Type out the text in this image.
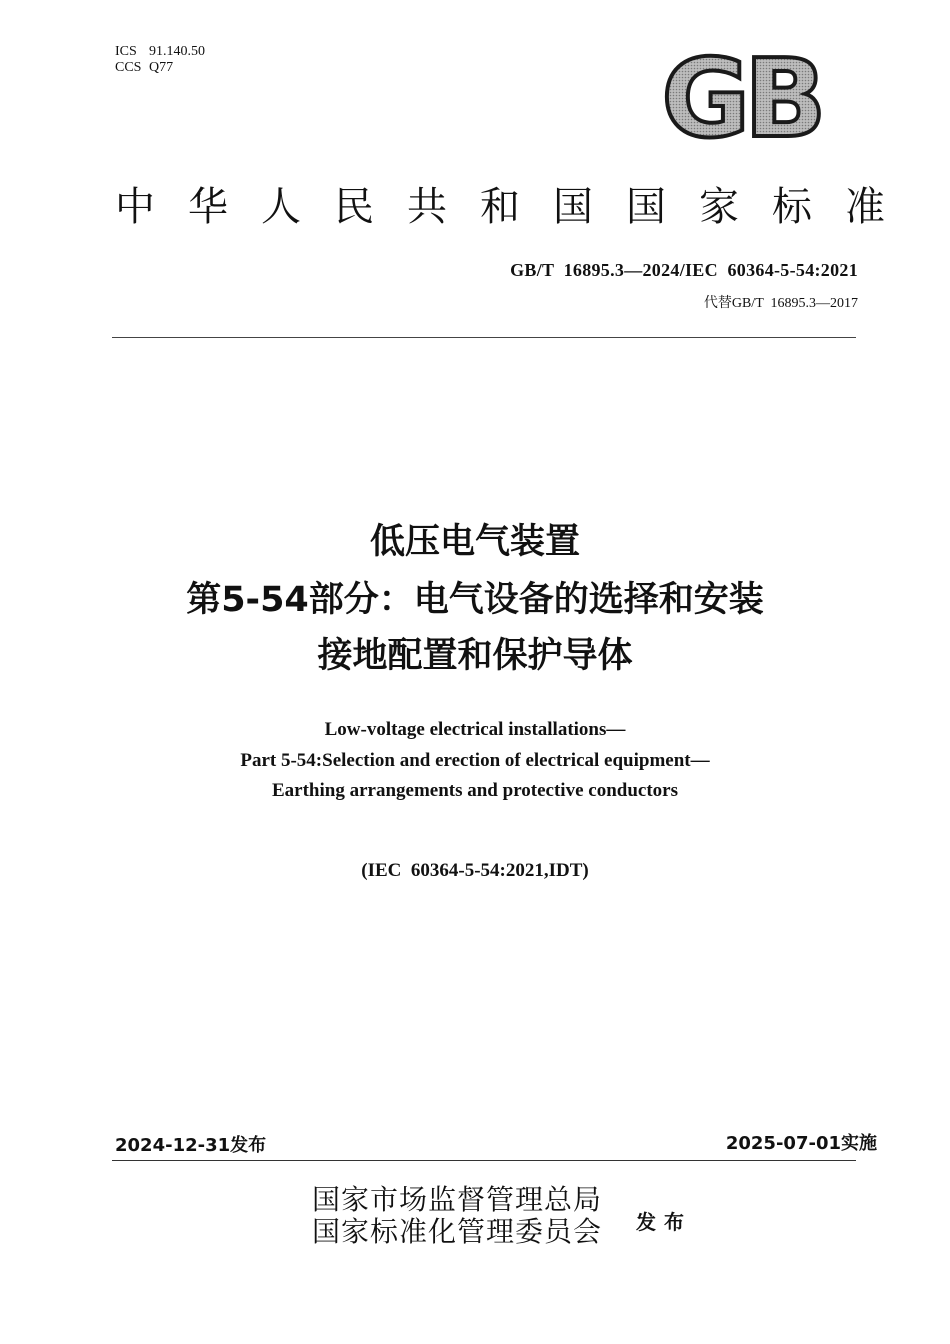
ICS 91.140.50
CCS Q77	GB
中 华 人 民 共 和 国 国 家 标 准
GB/T  16895.3—2024/IEC  60364-5-54:2021
代替GB/T  16895.3—2017
低压电气装置
第5-54部分：电气设备的选择和安装
接地配置和保护导体
Low-voltage electrical installations—
Part 5-54:Selection and erection of electrical equipment—
Earthing arrangements and protective conductors
(IEC  60364-5-54:2021,IDT)
2024-12-31发布	2025-07-01实施
国家市场监督管理总局
国家标准化管理委员会 发布
